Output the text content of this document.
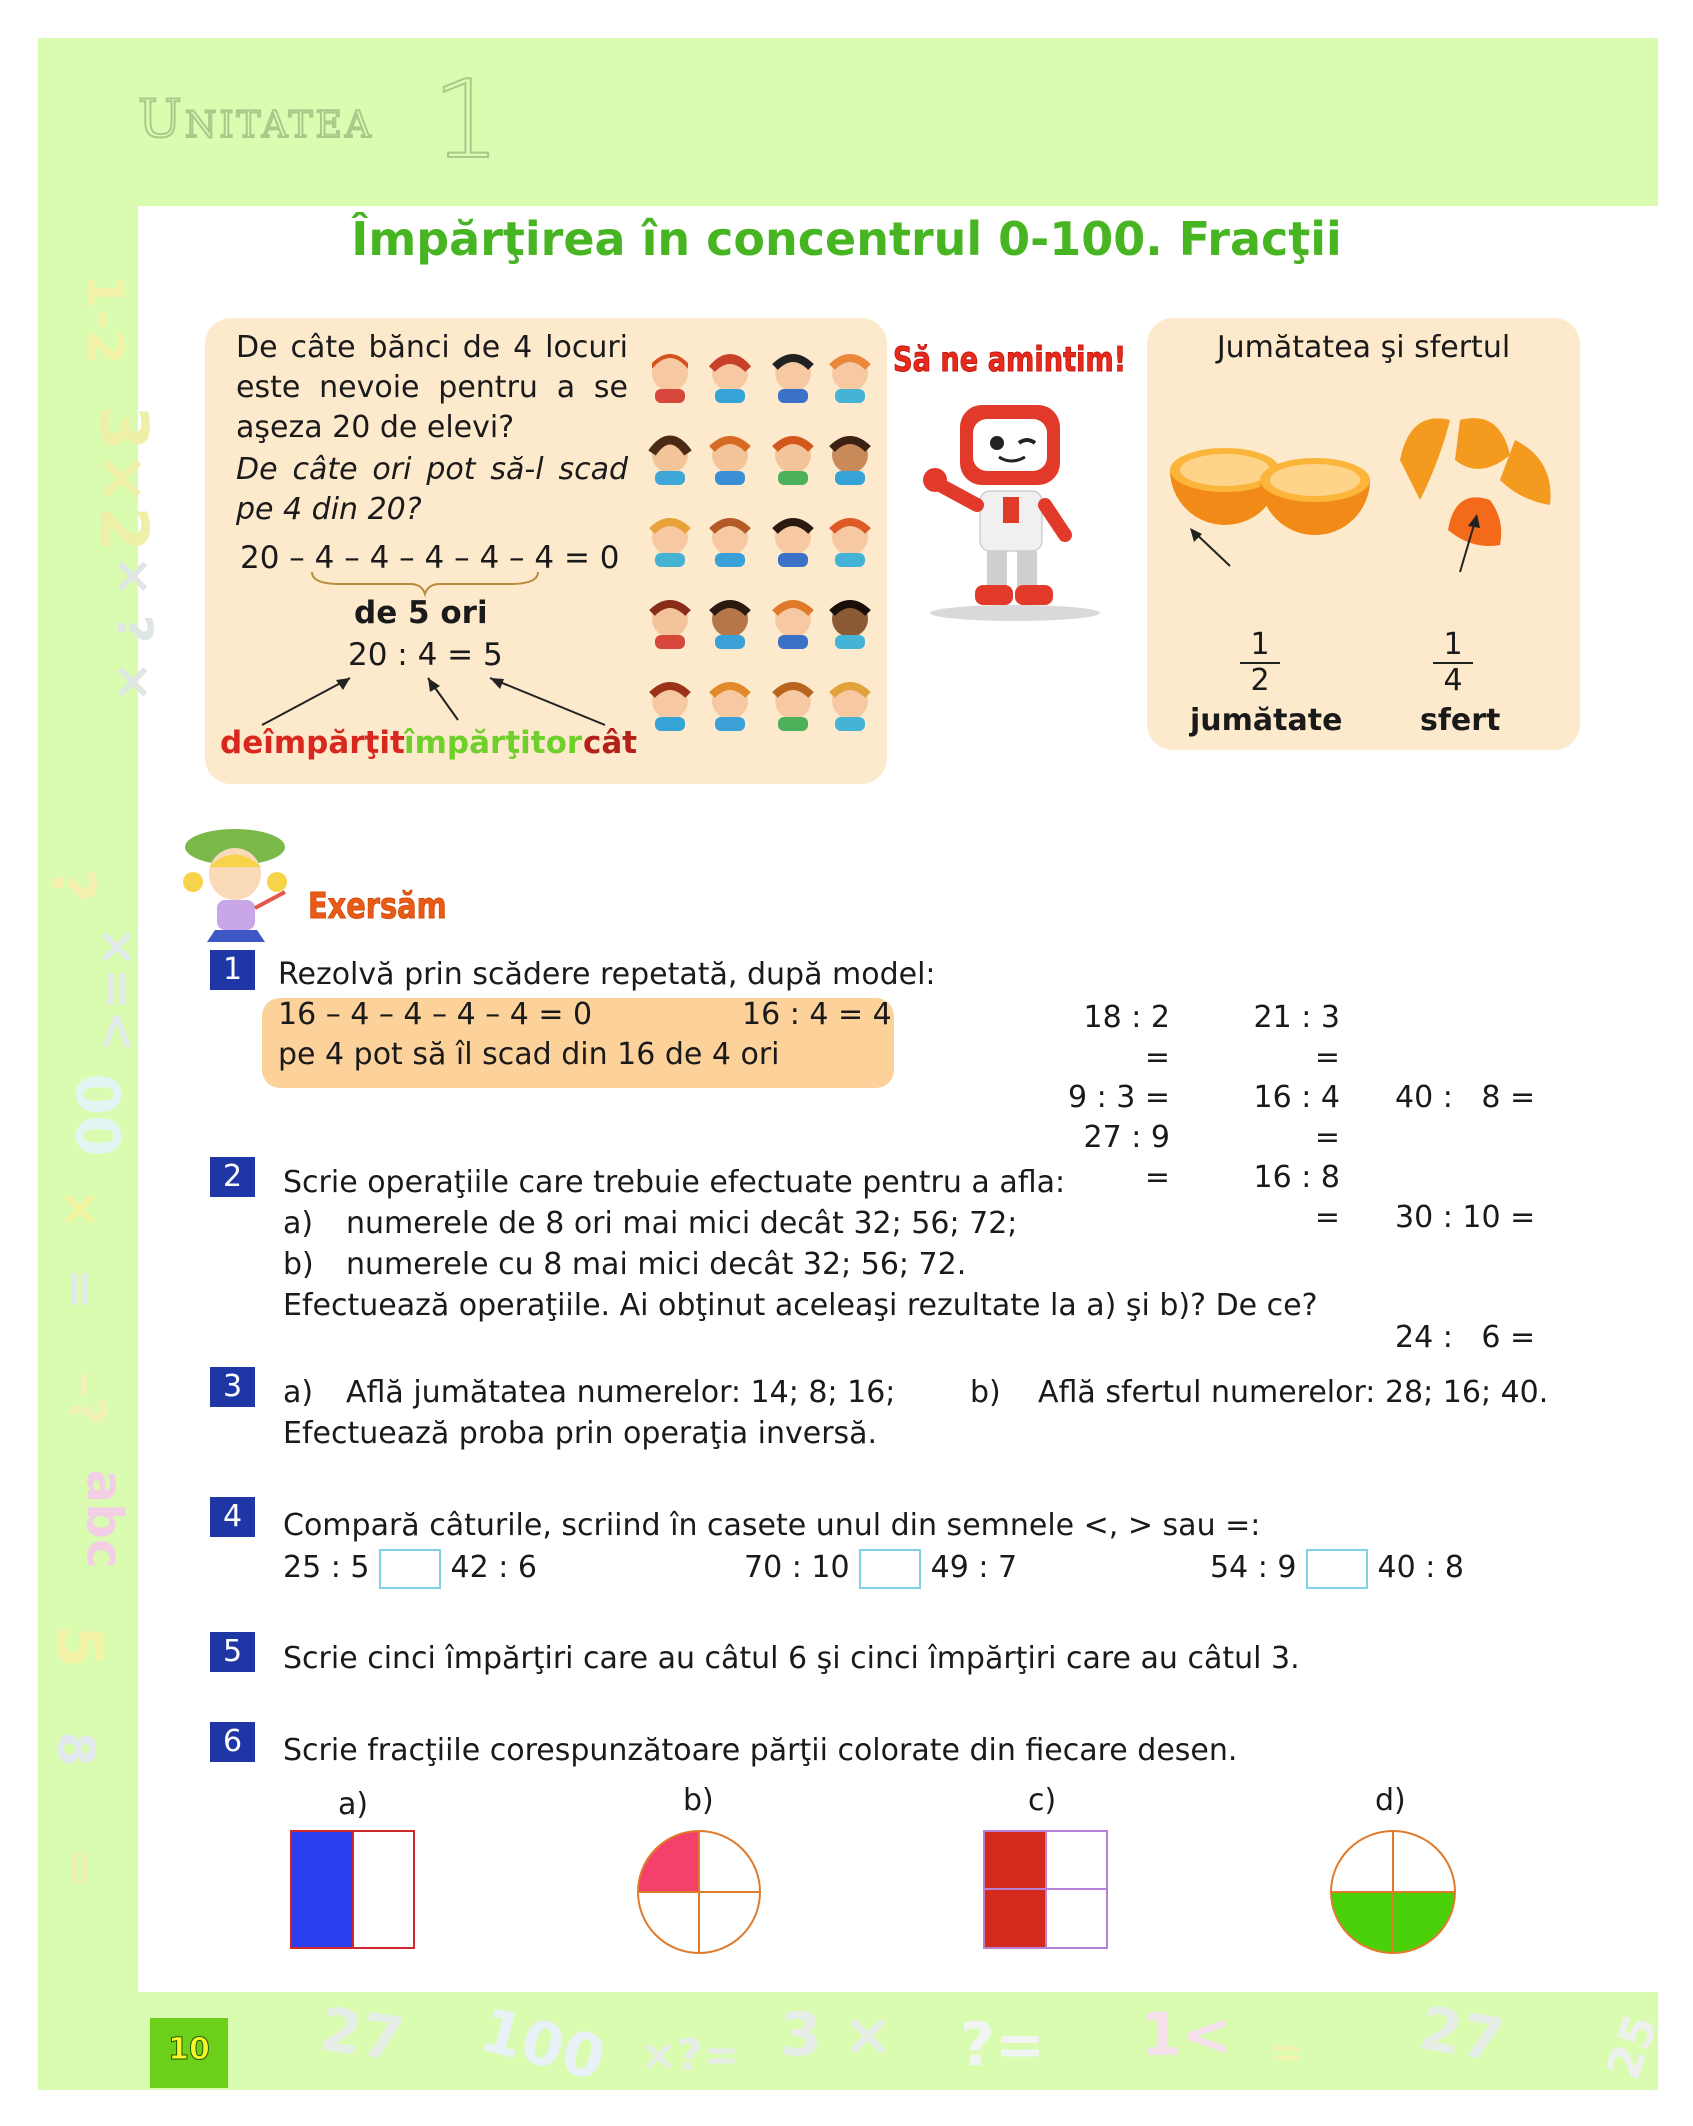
1-2
3×2
× ? ×
?
×=<
00
×
=
–?
abc
5
8
=
27 100 ×?= 3 × ?= 1< = 27 25
Unitatea 1
Împărţirea în concentrul 0-100. Fracţii
De câte bănci de 4 locuri este nevoie pentru a se aşeza 20 de elevi?
De câte ori pot să-l scad pe 4 din 20?
20 – 4 – 4 – 4 – 4 – 4 = 0
de 5 ori
20 : 4 = 5
deîmpărţit împărţitor cât
Să ne amintim!	Jumătatea şi sfertul
$\frac{1}{2}$	$\frac{1}{4}$
jumătate	sfert
Exersăm
1	Rezolvă prin scădere repetată, după model:
16 – 4 – 4 – 4 – 4 = 0	16 : 4 = 4
pe 4 pot să îl scad din 16 de 4 ori
18 : 2 =
9 : 3 =
27 : 9 =
21 : 3 =
16 : 4 =
16 : 8 =

40 :   8 =

30 : 10 =

24 :   6 =

2	Scrie operaţiile care trebuie efectuate pentru a afla:
a) numerele de 8 ori mai mici decât 32; 56; 72;
b) numerele cu 8 mai mici decât 32; 56; 72.
Efectuează operaţiile. Ai obţinut aceleaşi rezultate la a) şi b)? De ce?
3	a) Află jumătatea numerelor: 14; 8; 16; b) Află sfertul numerelor: 28; 16; 40.
Efectuează proba prin operaţia inversă.
4	Compară câturile, scriind în casete unul din semnele <, > sau =:
25 : 5	42 : 6	70 : 10	49 : 7	54 : 9	40 : 8
5	Scrie cinci împărţiri care au câtul 6 şi cinci împărţiri care au câtul 3.
6	Scrie fracţiile corespunzătoare părţii colorate din fiecare desen.
a)	b)	c)	d)
10
